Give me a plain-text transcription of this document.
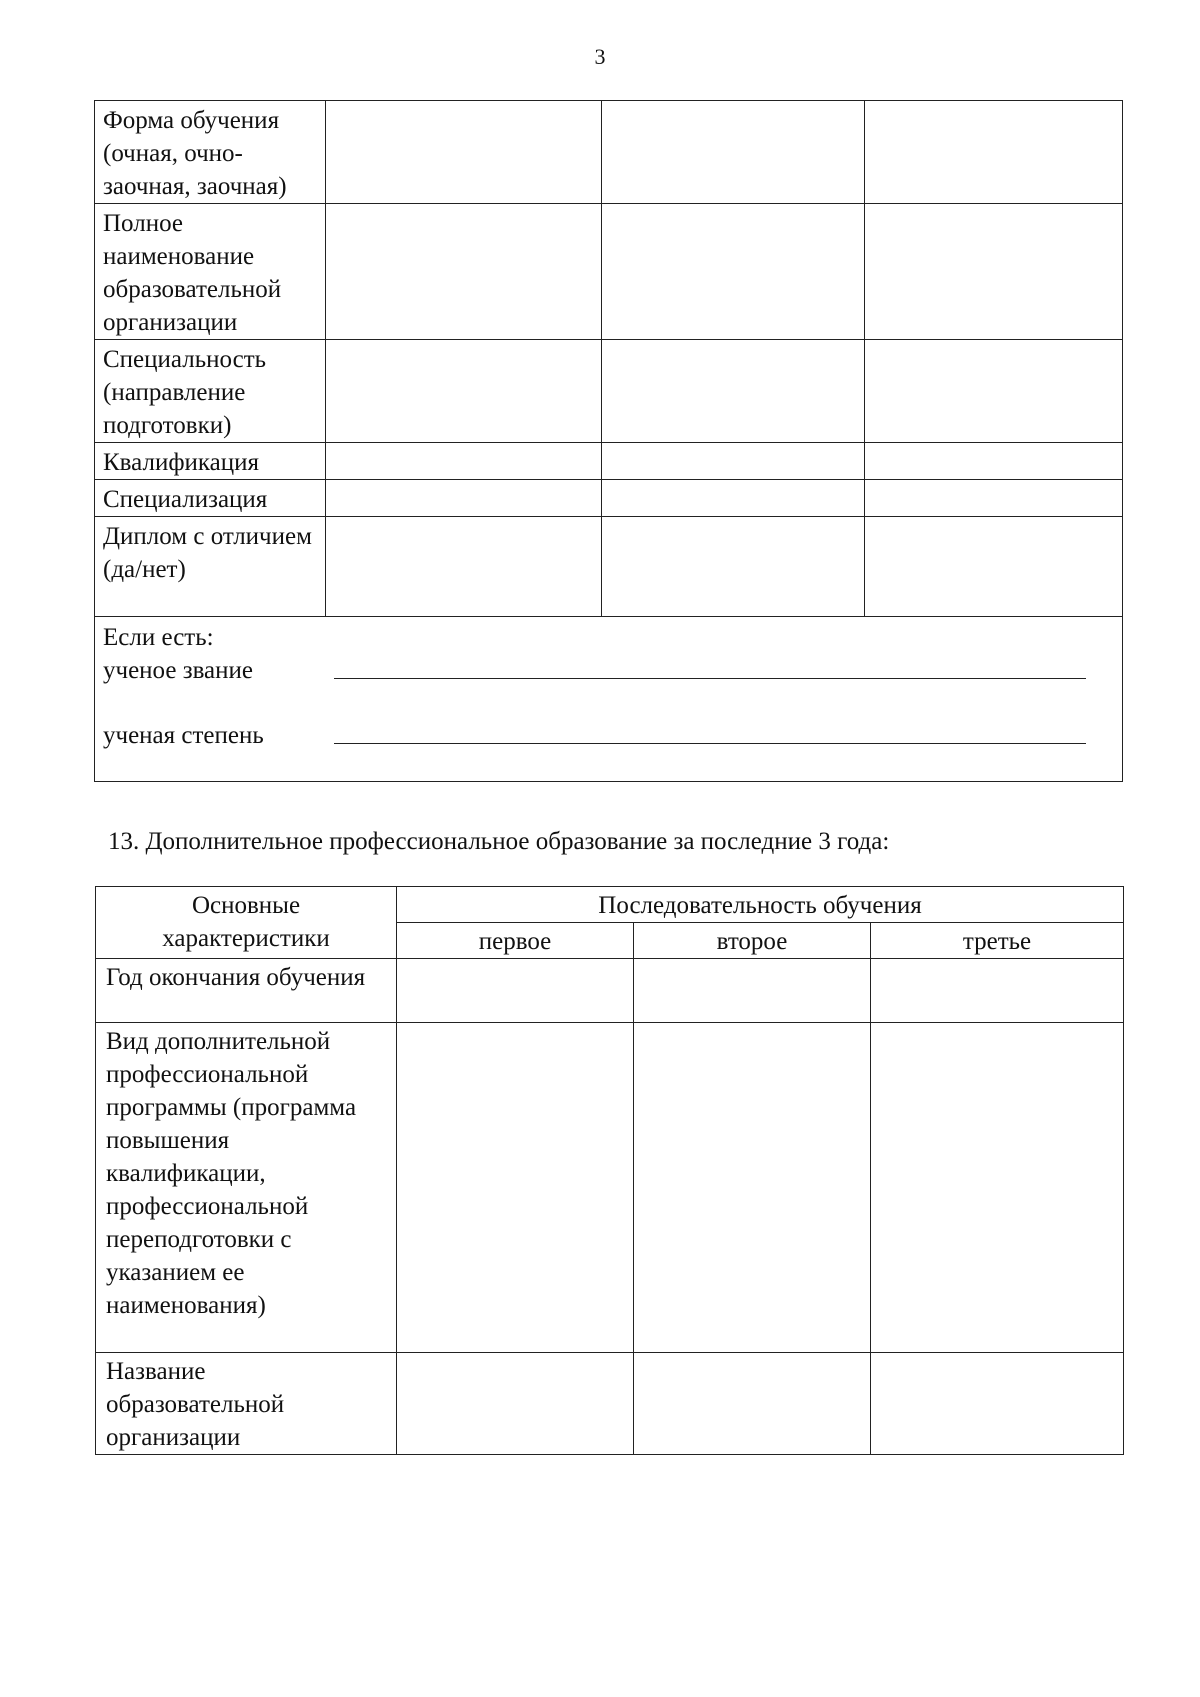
3
Форма обучения (очная, очно-заочная, заочная)			
Полное наименование образовательной организации			
Специальность (направление подготовки)			
Квалификация			
Специализация			
Диплом с отличием (да/нет)			

Если есть:
ученое звание
ученая степень			
13. Дополнительное профессиональное образование за последние 3 года:
Основные характеристики	Последовательность обучения		
	первое	второе	третье
Год окончания обучения			
Вид дополнительной профессиональной программы (программа повышения квалификации, профессиональной переподготовки с указанием ее наименования)			
Название образовательной организации			
